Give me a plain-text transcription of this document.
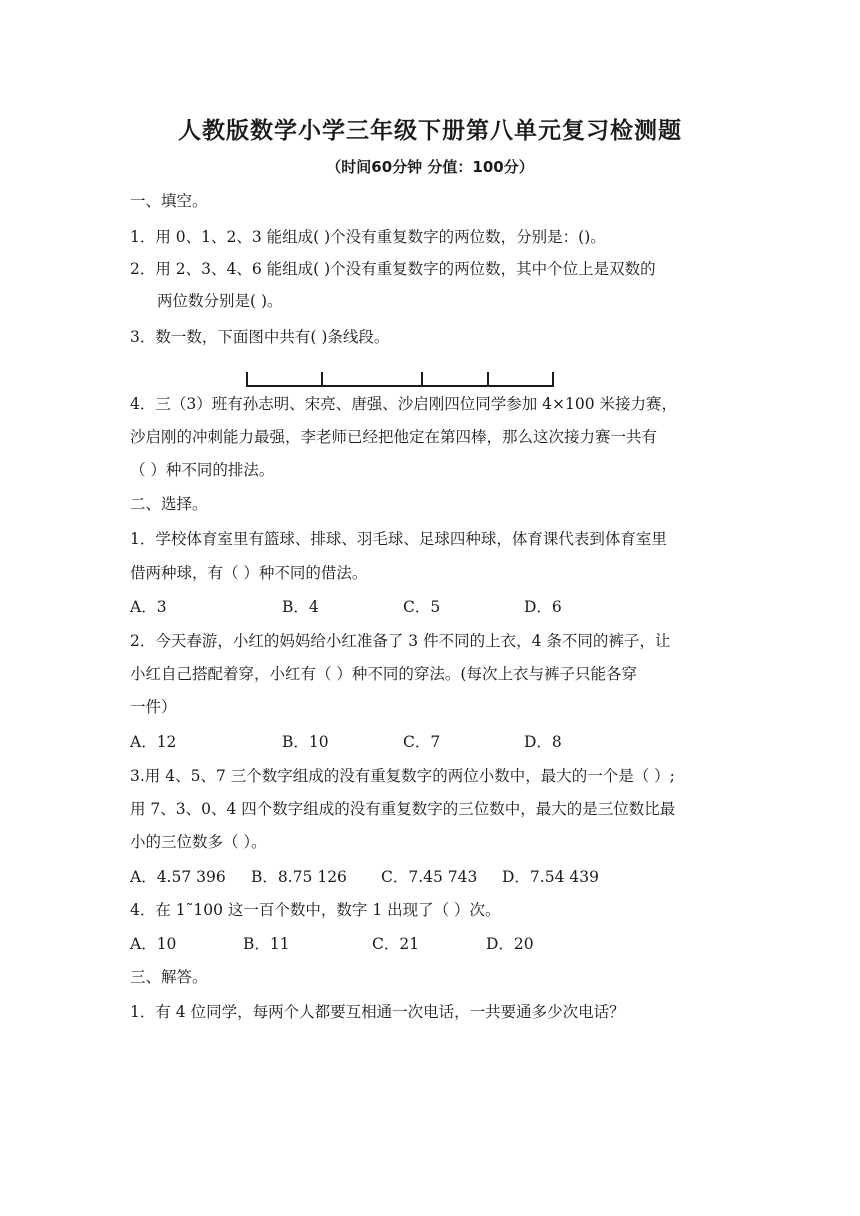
人教版数学小学三年级下册第八单元复习检测题
（时间60分钟 分值：100分）
一、填空。
1．用 0、1、2、3 能组成( )个没有重复数字的两位数，分别是：()。
2．用 2、3、4、6 能组成( )个没有重复数字的两位数，其中个位上是双数的
两位数分别是( )。
3．数一数，下面图中共有( )条线段。
4．三（3）班有孙志明、宋亮、唐强、沙启刚四位同学参加 4×100 米接力赛，
沙启刚的冲刺能力最强，李老师已经把他定在第四棒，那么这次接力赛一共有
（ ）种不同的排法。
二、选择。
1．学校体育室里有篮球、排球、羽毛球、足球四种球，体育课代表到体育室里
借两种球，有（ ）种不同的借法。
A．3	B．4	C．5	D．6
2．今天春游，小红的妈妈给小红准备了 3 件不同的上衣，4 条不同的裤子，让
小红自己搭配着穿，小红有（ ）种不同的穿法。(每次上衣与裤子只能各穿
一件）
A．12	B．10	C．7	D．8
3.用 4、5、7 三个数字组成的没有重复数字的两位小数中，最大的一个是（ ）;
用 7、3、0、4 四个数字组成的没有重复数字的三位数中，最大的是三位数比最
小的三位数多（ ）。
A．4.57 396 B．8.75 126 C．7.45 743 D．7.54 439
4．在 1˜100 这一百个数中，数字 1 出现了（ ）次。
A．10	B．11	C．21	D．20
三、解答。
1．有 4 位同学，每两个人都要互相通一次电话，一共要通多少次电话？
